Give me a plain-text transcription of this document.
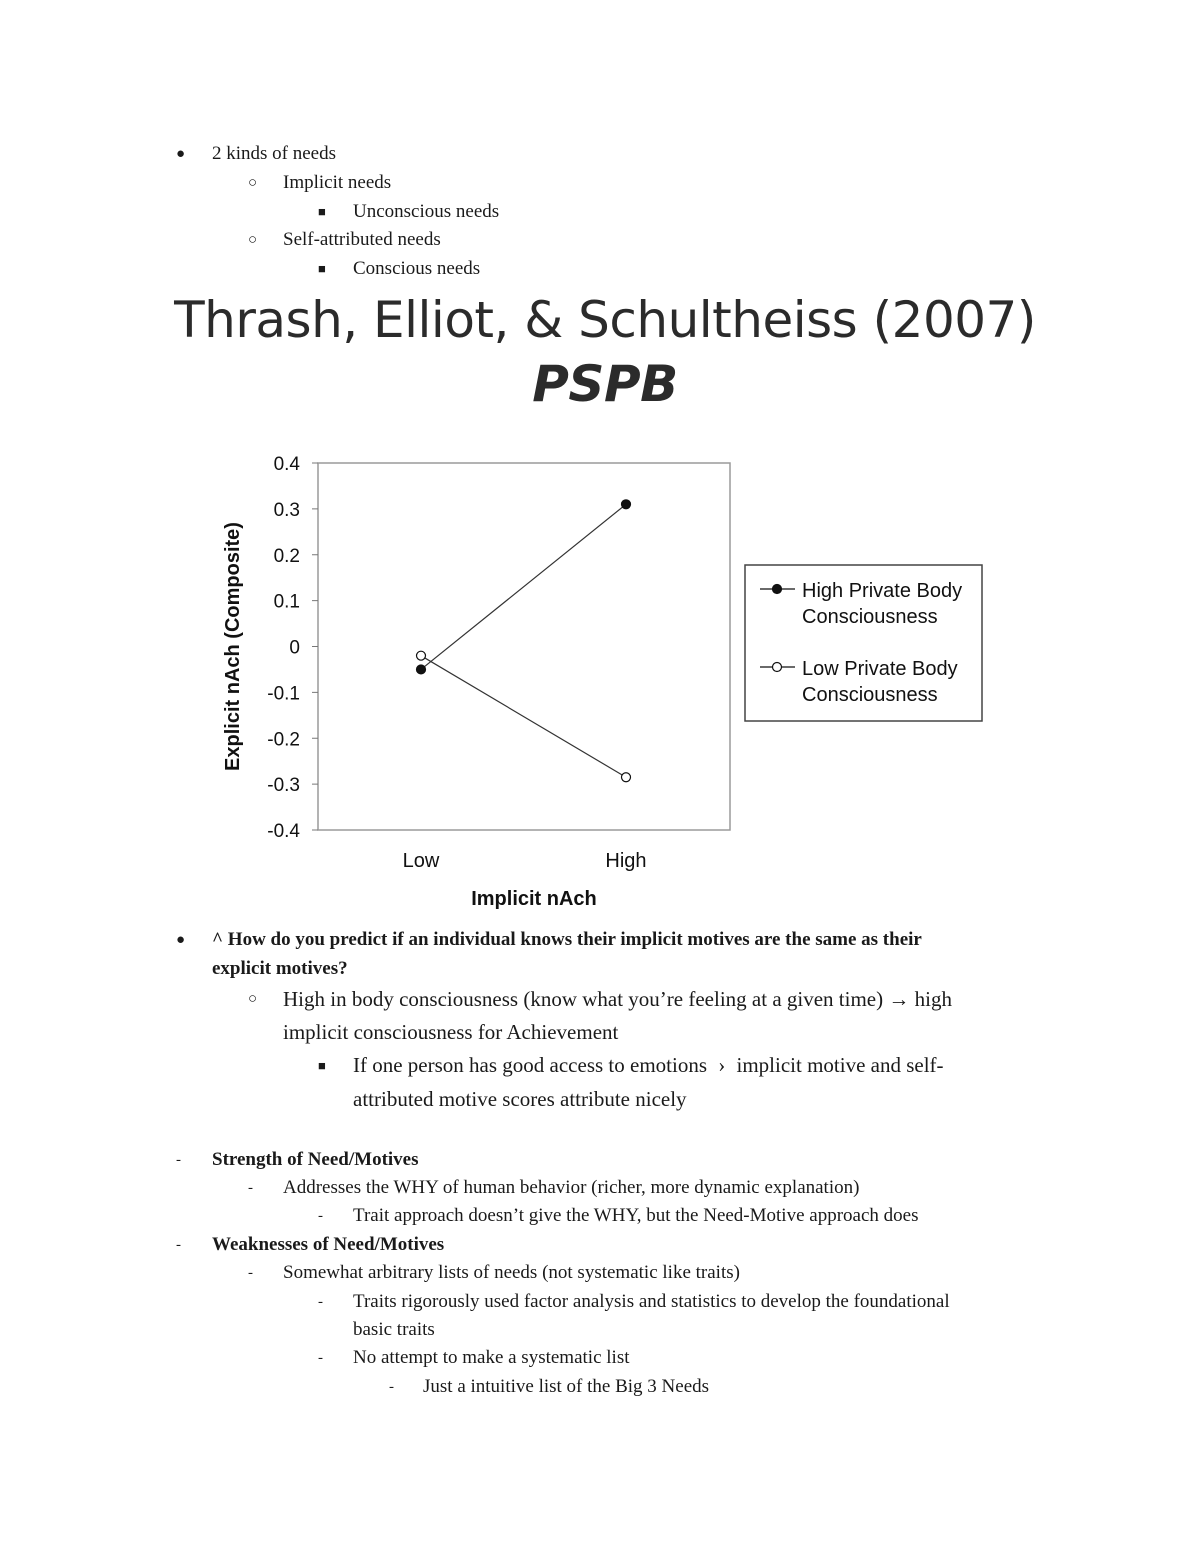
● 2 kinds of needs
○ Implicit needs
■ Unconscious needs
○ Self-attributed needs
■ Conscious needs
Thrash, Elliot, & Schultheiss (2007)
PSPB
0.4
0.3
0.2
0.1
0
-0.1
-0.2
-0.3
-0.4
Low	High
Implicit nAch
Explicit nAch (Composite)	High Private Body
Consciousness
Low Private Body
Consciousness
● ^ How do you predict if an individual knows their implicit motives are the same as their
explicit motives?
○ High in body consciousness (know what you’re feeling at a given time) → high
implicit consciousness for Achievement
■ If one person has good access to emotions › implicit motive and self-
attributed motive scores attribute nicely
- Strength of Need/Motives
- Addresses the WHY of human behavior (richer, more dynamic explanation)
- Trait approach doesn’t give the WHY, but the Need-Motive approach does
- Weaknesses of Need/Motives
- Somewhat arbitrary lists of needs (not systematic like traits)
- Traits rigorously used factor analysis and statistics to develop the foundational
basic traits
- No attempt to make a systematic list
- Just a intuitive list of the Big 3 Needs
